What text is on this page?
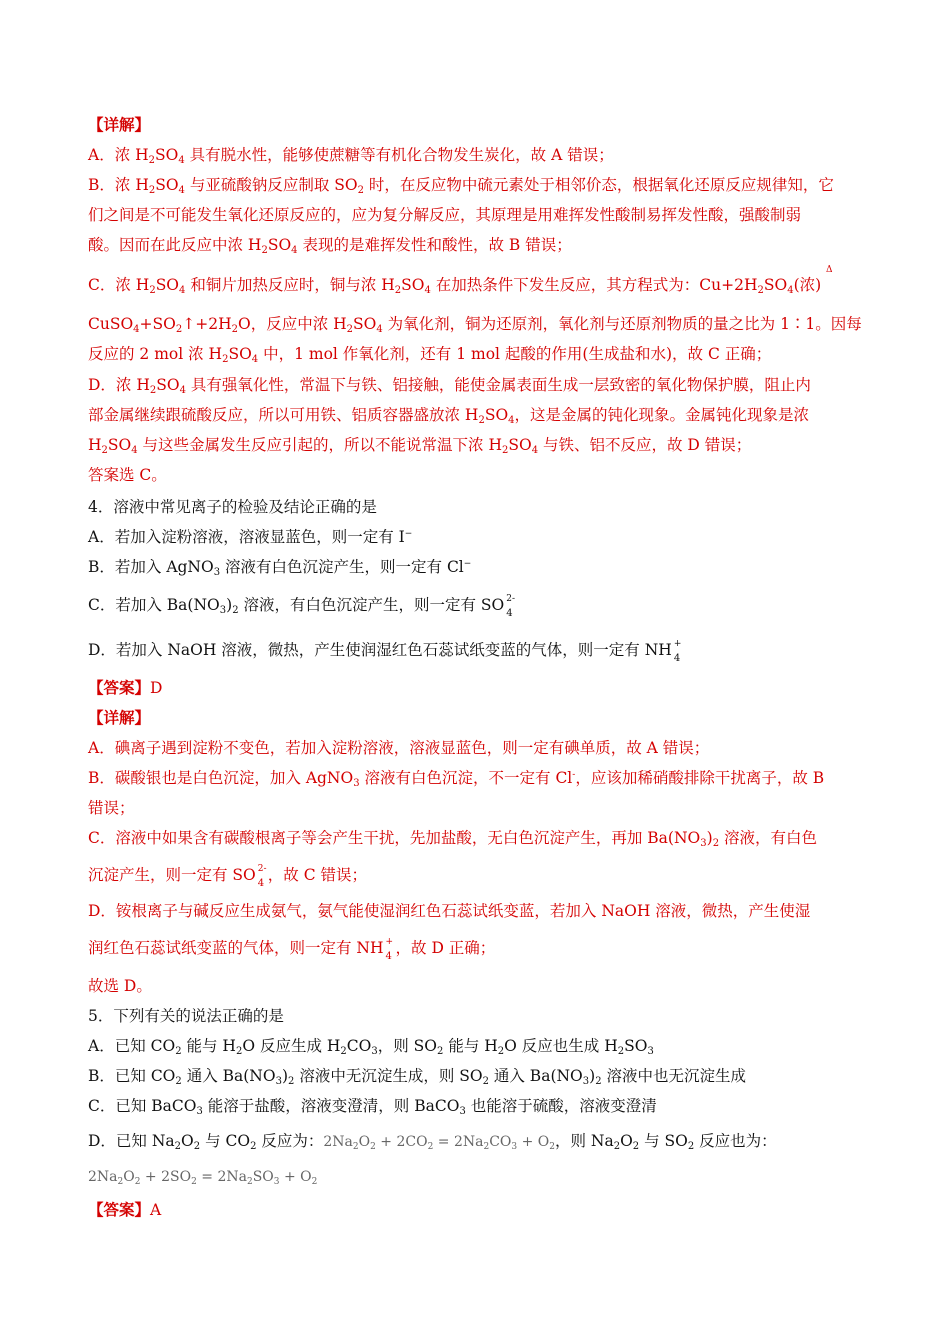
Δ
【详解】
A．浓 $H_2SO_4$ 具有脱水性，能够使蔗糖等有机化合物发生炭化，故 A 错误；
B．浓 $H_2SO_4$ 与亚硫酸钠反应制取 $SO_2$ 时，在反应物中硫元素处于相邻价态，根据氧化还原反应规律知，它
们之间是不可能发生氧化还原反应的，应为复分解反应，其原理是用难挥发性酸制易挥发性酸，强酸制弱
酸。因而在此反应中浓 $H_2SO_4$ 表现的是难挥发性和酸性，故 B 错误；
C．浓 $H_2SO_4$ 和铜片加热反应时，铜与浓 $H_2SO_4$ 在加热条件下发生反应，其方程式为：$Cu+2H_2SO_4$(浓)
$CuSO_4+SO_2↑+2H_2O$，反应中浓 $H_2SO_4$ 为氧化剂，铜为还原剂，氧化剂与还原剂物质的量之比为 1∶1。因每
反应的 2 mol 浓 $H_2SO_4$ 中，1 mol 作氧化剂，还有 1 mol 起酸的作用(生成盐和水)，故 C 正确；
D．浓 $H_2SO_4$ 具有强氧化性，常温下与铁、铝接触，能使金属表面生成一层致密的氧化物保护膜，阻止内
部金属继续跟硫酸反应，所以可用铁、铝质容器盛放浓 $H_2SO_4$，这是金属的钝化现象。金属钝化现象是浓
$H_2SO_4$ 与这些金属发生反应引起的，所以不能说常温下浓 $H_2SO_4$ 与铁、铝不反应，故 D 错误；
答案选 C。
4．溶液中常见离子的检验及结论正确的是
A．若加入淀粉溶液，溶液显蓝色，则一定有 I−
B．若加入 AgNO$_3$ 溶液有白色沉淀产生，则一定有 Cl−
C．若加入 $Ba(NO_3)_2$ 溶液，有白色沉淀产生，则一定有 SO 2-
4
D．若加入 NaOH 溶液，微热，产生使润湿红色石蕊试纸变蓝的气体，则一定有 NH +
4
【答案】D
【详解】
A．碘离子遇到淀粉不变色，若加入淀粉溶液，溶液显蓝色，则一定有碘单质，故 A 错误；
B．碳酸银也是白色沉淀，加入 AgNO$_3$ 溶液有白色沉淀，不一定有 Cl-，应该加稀硝酸排除干扰离子，故 B
错误；
C．溶液中如果含有碳酸根离子等会产生干扰，先加盐酸，无白色沉淀产生，再加 $Ba(NO_3)_2$ 溶液，有白色
沉淀产生，则一定有 SO 2-
4 ，故 C 错误；
D．铵根离子与碱反应生成氨气，氨气能使湿润红色石蕊试纸变蓝，若加入 NaOH 溶液，微热，产生使湿
润红色石蕊试纸变蓝的气体，则一定有 NH +
4 ，故 D 正确；
故选 D。
5．下列有关的说法正确的是
A．已知 $CO_2$ 能与 $H_2O$ 反应生成 $H_2CO_3$，则 $SO_2$ 能与 $H_2O$ 反应也生成 $H_2SO_3$
B．已知 $CO_2$ 通入 $Ba(NO_3)_2$ 溶液中无沉淀生成，则 $SO_2$ 通入 $Ba(NO_3)_2$ 溶液中也无沉淀生成
C．已知 BaCO$_3$ 能溶于盐酸，溶液变澄清，则 BaCO$_3$ 也能溶于硫酸，溶液变澄清
D．已知 $Na_2O_2$ 与 $CO_2$ 反应为：$2Na_2O_2 + 2CO_2 = 2Na_2CO_3 + O_2$，则 $Na_2O_2$ 与 $SO_2$ 反应也为：
$2Na_2O_2 + 2SO_2 = 2Na_2SO_3 + O_2$
【答案】A
